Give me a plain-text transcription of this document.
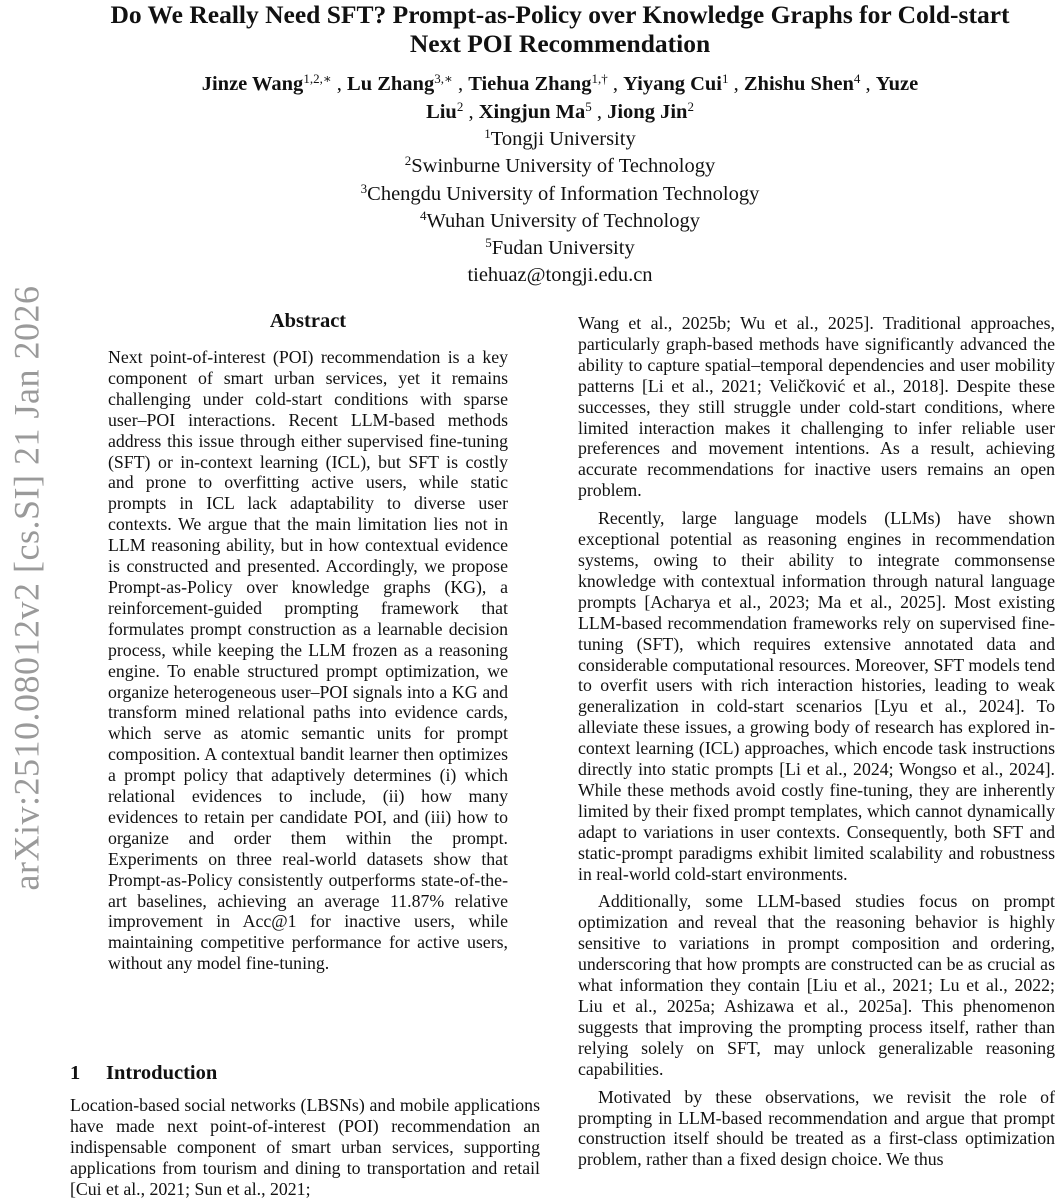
arXiv:2510.08012v2 [cs.SI] 21 Jan 2026
Do We Really Need SFT? Prompt-as-Policy over Knowledge Graphs for Cold-start
Next POI Recommendation
Jinze Wang$^{1,2,∗}$ , Lu Zhang$^{3,∗}$ , Tiehua Zhang$^{1,\dagger}$ , Yiyang Cui$^1$ , Zhishu Shen$^4$ , Yuze
Liu$^2$ , Xingjun Ma$^5$ , Jiong Jin$^2$
$^1$Tongji University
$^2$Swinburne University of Technology
$^3$Chengdu University of Information Technology
$^4$Wuhan University of Technology
$^5$Fudan University
tiehuaz@tongji.edu.cn
Abstract

Next point-of-interest (POI) recommendation is a key component of smart urban services, yet it remains challenging under cold-start conditions with sparse user–POI interactions. Recent LLM-based methods address this issue through either supervised fine-tuning (SFT) or in-context learning (ICL), but SFT is costly and prone to overfitting active users, while static prompts in ICL lack adaptability to diverse user contexts. We argue that the main limitation lies not in LLM reasoning ability, but in how contextual evidence is constructed and presented. Accordingly, we propose Prompt-as-Policy over knowledge graphs (KG), a reinforcement-guided prompting framework that formulates prompt construction as a learnable decision process, while keeping the LLM frozen as a reasoning engine. To enable structured prompt optimization, we organize heterogeneous user–POI signals into a KG and transform mined relational paths into evidence cards, which serve as atomic semantic units for prompt composition. A contextual bandit learner then optimizes a prompt policy that adaptively determines (i) which relational evidences to include, (ii) how many evidences to retain per candidate POI, and (iii) how to organize and order them within the prompt. Experiments on three real-world datasets show that Prompt-as-Policy consistently outperforms state-of-the-art baselines, achieving an average 11.87% relative improvement in Acc@1 for inactive users, while maintaining competitive performance for active users, without any model fine-tuning.

1 Introduction

Location-based social networks (LBSNs) and mobile applications have made next point-of-interest (POI) recommendation an indispensable component of smart urban services, supporting applications from tourism and dining to transportation and retail [Cui et al., 2021; Sun et al., 2021;

Wang et al., 2025b; Wu et al., 2025]. Traditional approaches, particularly graph-based methods have significantly advanced the ability to capture spatial–temporal dependencies and user mobility patterns [Li et al., 2021; Veličković et al., 2018]. Despite these successes, they still struggle under cold-start conditions, where limited interaction makes it challenging to infer reliable user preferences and movement intentions. As a result, achieving accurate recommendations for inactive users remains an open problem.

Recently, large language models (LLMs) have shown exceptional potential as reasoning engines in recommendation systems, owing to their ability to integrate commonsense knowledge with contextual information through natural language prompts [Acharya et al., 2023; Ma et al., 2025]. Most existing LLM-based recommendation frameworks rely on supervised fine-tuning (SFT), which requires extensive annotated data and considerable computational resources. Moreover, SFT models tend to overfit users with rich interaction histories, leading to weak generalization in cold-start scenarios [Lyu et al., 2024]. To alleviate these issues, a growing body of research has explored in-context learning (ICL) approaches, which encode task instructions directly into static prompts [Li et al., 2024; Wongso et al., 2024]. While these methods avoid costly fine-tuning, they are inherently limited by their fixed prompt templates, which cannot dynamically adapt to variations in user contexts. Consequently, both SFT and static-prompt paradigms exhibit limited scalability and robustness in real-world cold-start environments.

Additionally, some LLM-based studies focus on prompt optimization and reveal that the reasoning behavior is highly sensitive to variations in prompt composition and ordering, underscoring that how prompts are constructed can be as crucial as what information they contain [Liu et al., 2021; Lu et al., 2022; Liu et al., 2025a; Ashizawa et al., 2025a]. This phenomenon suggests that improving the prompting process itself, rather than relying solely on SFT, may unlock generalizable reasoning capabilities.

Motivated by these observations, we revisit the role of prompting in LLM-based recommendation and argue that prompt construction itself should be treated as a first-class optimization problem, rather than a fixed design choice. We thus
